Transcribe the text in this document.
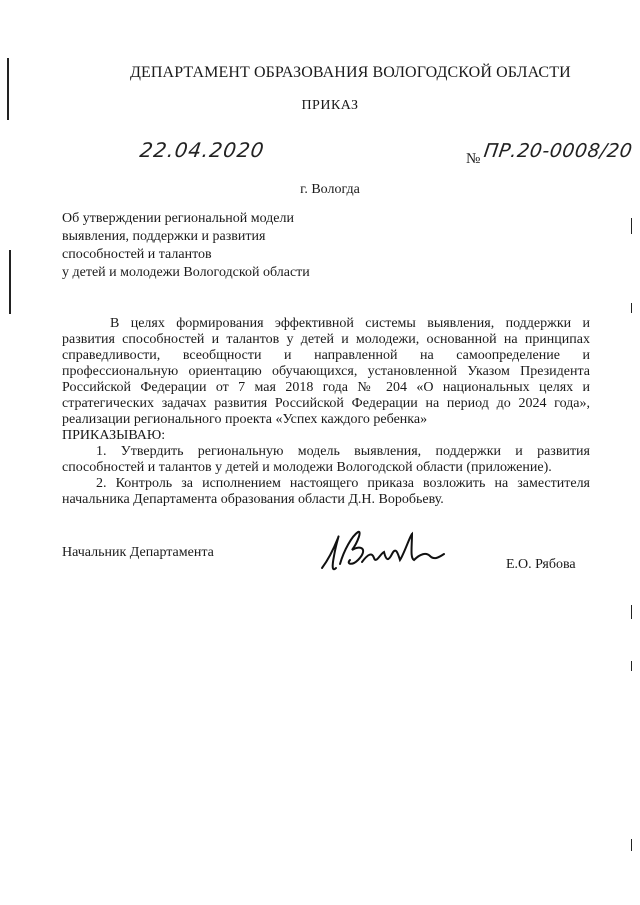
ДЕПАРТАМЕНТ ОБРАЗОВАНИЯ ВОЛОГОДСКОЙ ОБЛАСТИ
ПРИКАЗ
22.04.2020	№ ПР.20-0008/20
г. Вологда
Об утверждении региональной модели
выявления, поддержки и развития
способностей и талантов
у детей и молодежи Вологодской области

В целях формирования эффективной системы выявления, поддержки и развития способностей и талантов у детей и молодежи, основанной на принципах справедливости, всеобщности и направленной на самоопределение и профессиональную ориентацию обучающихся, установленной Указом Президента Российской Федерации от 7 мая 2018 года № 204 «О национальных целях и стратегических задачах развития Российской Федерации на период до 2024 года», реализации регионального проекта «Успех каждого ребенка»

ПРИКАЗЫВАЮ:

1. Утвердить региональную модель выявления, поддержки и развития способностей и талантов у детей и молодежи Вологодской области (приложение).

2. Контроль за исполнением настоящего приказа возложить на заместителя начальника Департамента образования области Д.Н. Воробьеву.

Начальник Департамента
Е.О. Рябова
